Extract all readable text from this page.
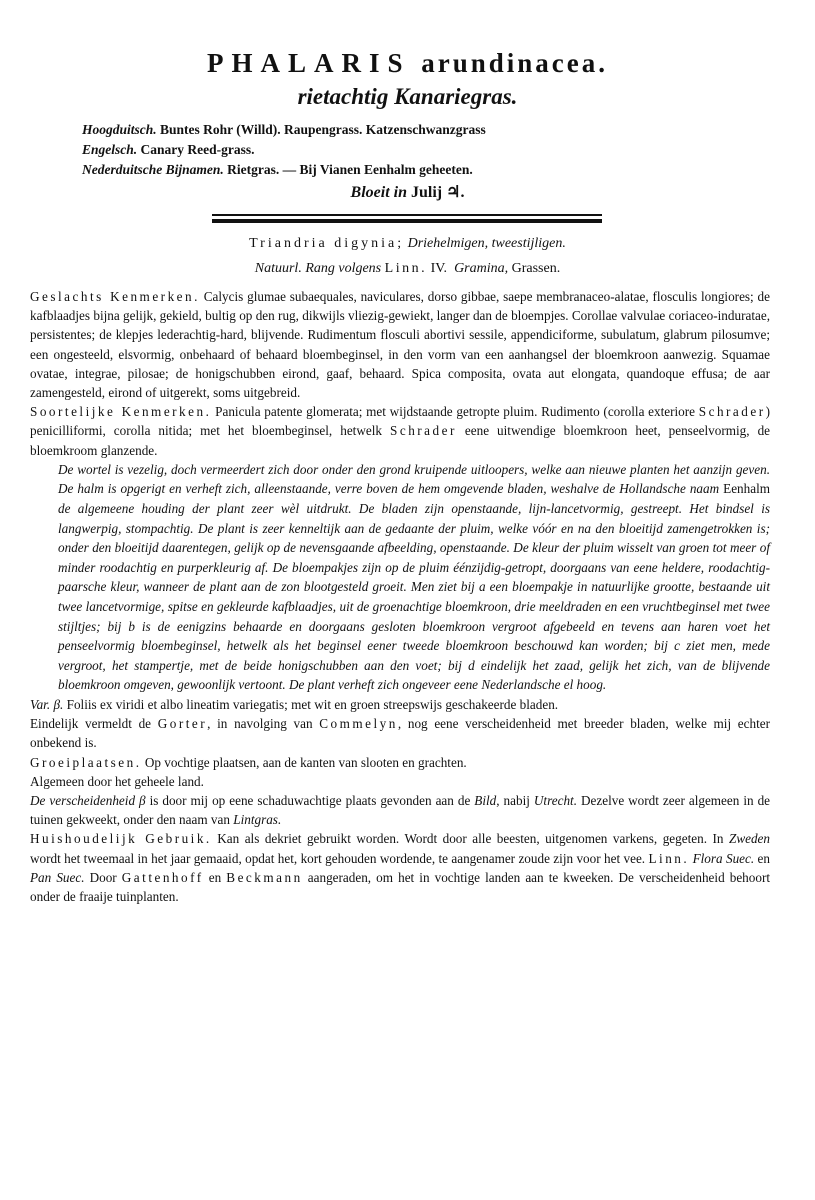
PHALARIS arundinacea.
rietachtig Kanariegras.
Hoogduitsch. Buntes Rohr (Willd). Raupengrass. Katzenschwanzgrass
Engelsch. Canary Reed-grass.
Nederduitsche Bijnamen. Rietgras. — Bij Vianen Eenhalm geheeten.
Bloeit in Julij ♃.
Triandria digynia; Driehelmigen, tweestijligen.
Natuurl. Rang volgens Linn. IV. Gramina, Grassen.

Geslachts Kenmerken. Calycis glumae subaequales, naviculares, dorso gibbae, saepe membranaceo-alatae, flosculis longiores; de kafblaadjes bijna gelijk, gekield, bultig op den rug, dikwijls vliezig-gewiekt, langer dan de bloempjes. Corollae valvulae coriaceo-induratae, persistentes; de klepjes lederachtig-hard, blijvende. Rudimentum flosculi abortivi sessile, appendiciforme, subulatum, glabrum pilosumve; een ongesteeld, elsvormig, onbehaard of behaard bloembeginsel, in den vorm van een aanhangsel der bloemkroon aanwezig. Squamae ovatae, integrae, pilosae; de honigschubben eirond, gaaf, behaard. Spica composita, ovata aut elongata, quandoque effusa; de aar zamengesteld, eirond of uitgerekt, soms uitgebreid.

Soortelijke Kenmerken. Panicula patente glomerata; met wijdstaande getropte pluim. Rudimento (corolla exteriore Schrader) penicilliformi, corolla nitida; met het bloembeginsel, hetwelk Schrader eene uitwendige bloemkroon heet, penseelvormig, de bloemkroom glanzende.

De wortel is vezelig, doch vermeerdert zich door onder den grond kruipende uitloopers, welke aan nieuwe planten het aanzijn geven. De halm is opgerigt en verheft zich, alleenstaande, verre boven de hem omgevende bladen, weshalve de Hollandsche naam Eenhalm de algemeene houding der plant zeer wèl uitdrukt. De bladen zijn openstaande, lijn-lancetvormig, gestreept. Het bindsel is langwerpig, stompachtig. De plant is zeer kenneltijk aan de gedaante der pluim, welke vóór en na den bloeitijd zamengetrokken is; onder den bloeitijd daarentegen, gelijk op de nevensgaande afbeelding, openstaande. De kleur der pluim wisselt van groen tot meer of minder roodachtig en purperkleurig af. De bloempakjes zijn op de pluim éénzijdig-getropt, doorgaans van eene heldere, roodachtig-paarsche kleur, wanneer de plant aan de zon blootgesteld groeit. Men ziet bij a een bloempakje in natuurlijke grootte, bestaande uit twee lancetvormige, spitse en gekleurde kafblaadjes, uit de groenachtige bloemkroon, drie meeldraden en een vruchtbeginsel met twee stijltjes; bij b is de eenigzins behaarde en doorgaans gesloten bloemkroon vergroot afgebeeld en tevens aan haren voet het penseelvormig bloembeginsel, hetwelk als het beginsel eener tweede bloemkroon beschouwd kan worden; bij c ziet men, mede vergroot, het stampertje, met de beide honigschubben aan den voet; bij d eindelijk het zaad, gelijk het zich, van de blijvende bloemkroon omgeven, gewoonlijk vertoont. De plant verheft zich ongeveer eene Nederlandsche el hoog.

Var. β. Foliis ex viridi et albo lineatim variegatis; met wit en groen streepswijs geschakeerde bladen.

Eindelijk vermeldt de Gorter, in navolging van Commelyn, nog eene verscheidenheid met breeder bladen, welke mij echter onbekend is.

Groeiplaatsen. Op vochtige plaatsen, aan de kanten van slooten en grachten.

Algemeen door het geheele land.

De verscheidenheid β is door mij op eene schaduwachtige plaats gevonden aan de Bild, nabij Utrecht. Dezelve wordt zeer algemeen in de tuinen gekweekt, onder den naam van Lintgras.

Huishoudelijk Gebruik. Kan als dekriet gebruikt worden. Wordt door alle beesten, uitgenomen varkens, gegeten. In Zweden wordt het tweemaal in het jaar gemaaid, opdat het, kort gehouden wordende, te aangenamer zoude zijn voor het vee. Linn. Flora Suec. en Pan Suec. Door Gattenhoff en Beckmann aangeraden, om het in vochtige landen aan te kweeken. De verscheidenheid behoort onder de fraaije tuinplanten.
